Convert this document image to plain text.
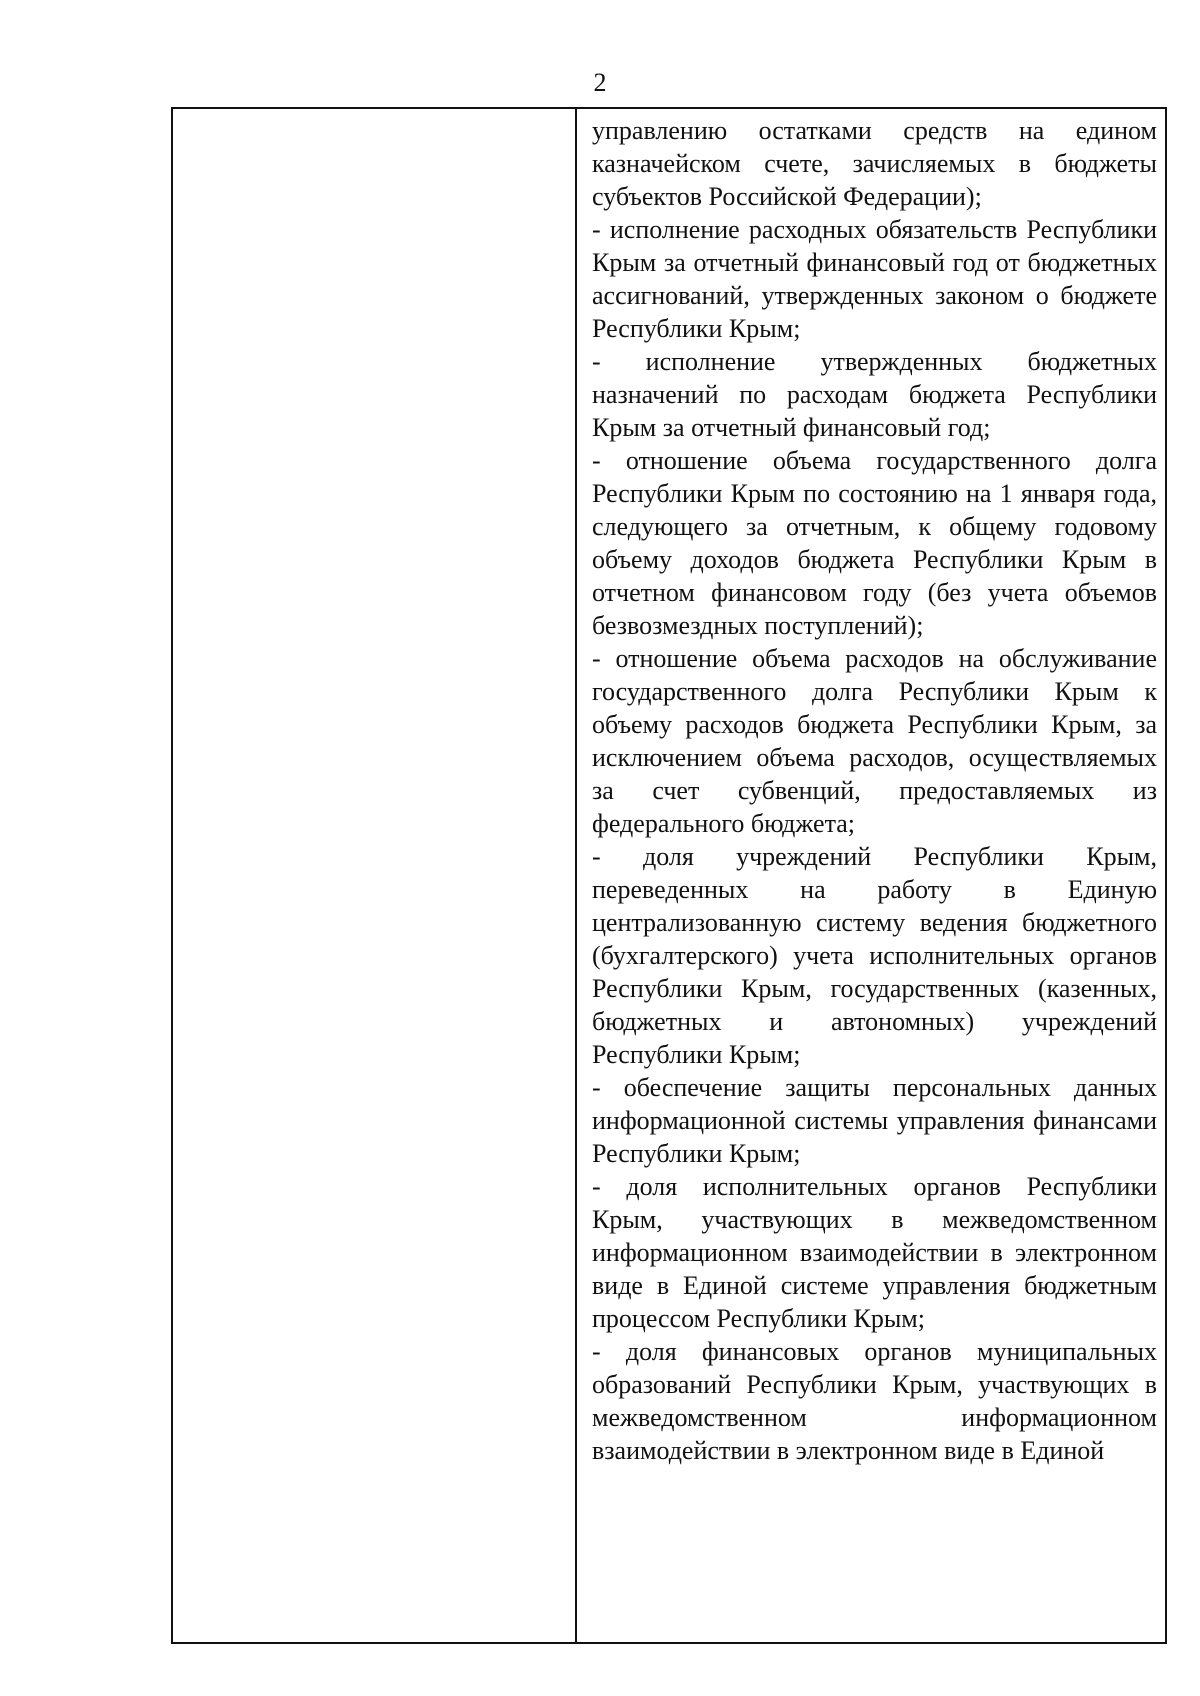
2

управлению остатками средств на едином казначейском счете, зачисляемых в бюджеты субъектов Российской Федерации);

- исполнение расходных обязательств Республики Крым за отчетный финансовый год от бюджетных ассигнований, утвержденных законом о бюджете Республики Крым;

- исполнение утвержденных бюджетных назначений по расходам бюджета Республики Крым за отчетный финансовый год;

- отношение объема государственного долга Республики Крым по состоянию на 1 января года, следующего за отчетным, к общему годовому объему доходов бюджета Республики Крым в отчетном финансовом году (без учета объемов безвозмездных поступлений);

- отношение объема расходов на обслуживание государственного долга Республики Крым к объему расходов бюджета Республики Крым, за исключением объема расходов, осуществляемых за счет субвенций, предоставляемых из федерального бюджета;

- доля учреждений Республики Крым, переведенных на работу в Единую централизованную систему ведения бюджетного (бухгалтерского) учета исполнительных органов Республики Крым, государственных (казенных, бюджетных и автономных) учреждений Республики Крым;

- обеспечение защиты персональных данных информационной системы управления финансами Республики Крым;

- доля исполнительных органов Республики Крым, участвующих в межведомственном информационном взаимодействии в электронном виде в Единой системе управления бюджетным процессом Республики Крым;

- доля финансовых органов муниципальных образований Республики Крым, участвующих в межведомственном информационном взаимодействии в электронном виде в Единой
